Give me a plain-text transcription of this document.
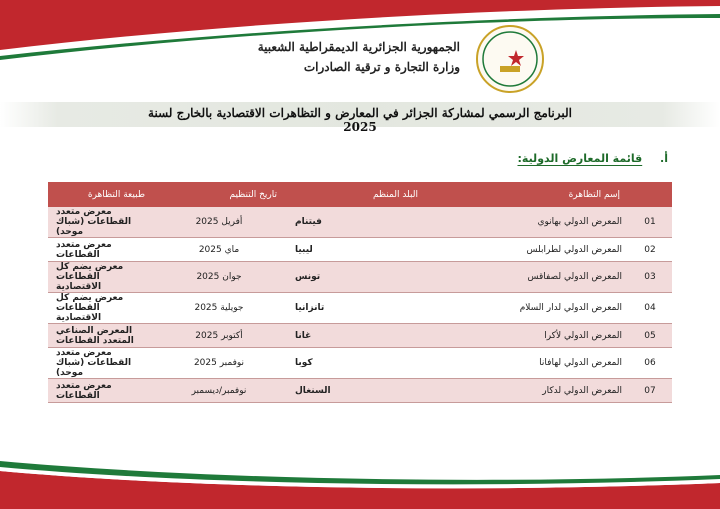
الجمهورية الجزائرية الديمقراطية الشعبية
وزارة التجارة و ترقية الصادرات
البرنامج الرسمي لمشاركة الجزائر في المعارض و التظاهرات الاقتصادية بالخارج لسنة 2025
أ. قائمة المعارض الدولية:
	إسم التظاهرة	البلد المنظم	تاريخ التنظيم	طبيعة التظاهرة
01	المعرض الدولي بهانوي	فيتنام	أفريل 2025	معرض متعدد القطاعات (شباك موحد)
02	المعرض الدولي لطرابلس	ليبيا	ماي 2025	معرض متعدد القطاعات
03	المعرض الدولي لصفاقس	تونس	جوان 2025	معرض يضم كل القطاعات الاقتصادية
04	المعرض الدولي لدار السلام	تانزانيا	جويلية 2025	معرض يضم كل القطاعات الاقتصادية
05	المعرض الدولي لأكرا	غانا	أكتوبر 2025	المعرض الصناعي المتعدد القطاعات
06	المعرض الدولي لهافانا	كوبا	نوفمبر 2025	معرض متعدد القطاعات (شباك موحد)
07	المعرض الدولي لدكار	السنغال	نوفمبر/ديسمبر	معرض متعدد القطاعات
